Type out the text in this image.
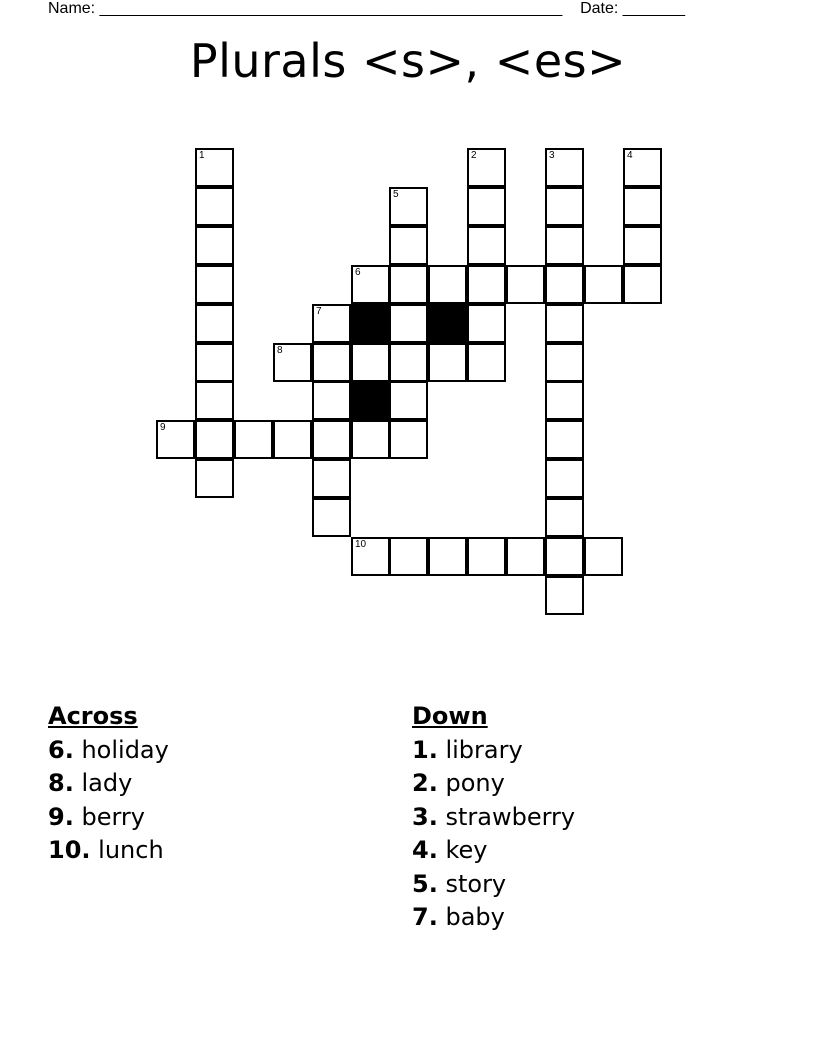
Name: ____________________________________________________ Date: _______
Plurals <s>, <es>
1	2	3	4
5
6
7
8
9
10
Across
6. holiday
8. lady
9. berry
10. lunch
Down
1. library
2. pony
3. strawberry
4. key
5. story
7. baby
